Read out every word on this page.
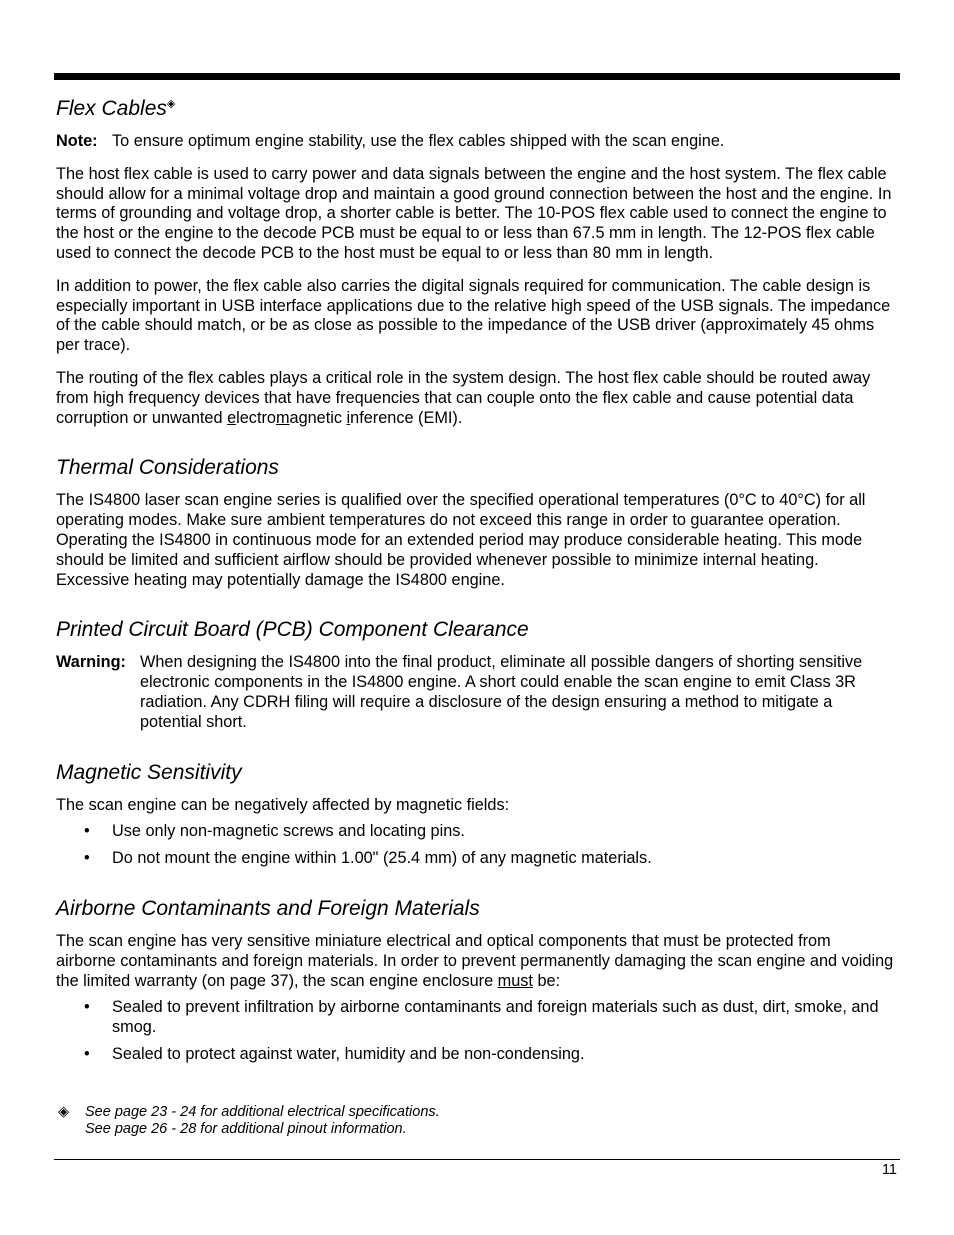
Flex Cables◈

Note: To ensure optimum engine stability, use the flex cables shipped with the scan engine.

The host flex cable is used to carry power and data signals between the engine and the host system. The flex cable should allow for a minimal voltage drop and maintain a good ground connection between the host and the engine. In terms of grounding and voltage drop, a shorter cable is better. The 10-POS flex cable used to connect the engine to the host or the engine to the decode PCB must be equal to or less than 67.5 mm in length. The 12-POS flex cable used to connect the decode PCB to the host must be equal to or less than 80 mm in length.

In addition to power, the flex cable also carries the digital signals required for communication. The cable design is especially important in USB interface applications due to the relative high speed of the USB signals. The impedance of the cable should match, or be as close as possible to the impedance of the USB driver (approximately 45 ohms per trace).

The routing of the flex cables plays a critical role in the system design. The host flex cable should be routed away from high frequency devices that have frequencies that can couple onto the flex cable and cause potential data corruption or unwanted electromagnetic inference (EMI).

Thermal Considerations

The IS4800 laser scan engine series is qualified over the specified operational temperatures (0°C to 40°C) for all operating modes. Make sure ambient temperatures do not exceed this range in order to guarantee operation. Operating the IS4800 in continuous mode for an extended period may produce considerable heating. This mode should be limited and sufficient airflow should be provided whenever possible to minimize internal heating. Excessive heating may potentially damage the IS4800 engine.

Printed Circuit Board (PCB) Component Clearance
Warning: When designing the IS4800 into the final product, eliminate all possible dangers of shorting sensitive electronic components in the IS4800 engine. A short could enable the scan engine to emit Class 3R radiation. Any CDRH filing will require a disclosure of the design ensuring a method to mitigate a potential short.
Magnetic Sensitivity

The scan engine can be negatively affected by magnetic fields:

• Use only non-magnetic screws and locating pins.
• Do not mount the engine within 1.00" (25.4 mm) of any magnetic materials.
Airborne Contaminants and Foreign Materials

The scan engine has very sensitive miniature electrical and optical components that must be protected from airborne contaminants and foreign materials. In order to prevent permanently damaging the scan engine and voiding the limited warranty (on page 37), the scan engine enclosure must be:

• Sealed to prevent infiltration by airborne contaminants and foreign materials such as dust, dirt, smoke, and smog.
• Sealed to protect against water, humidity and be non-condensing.
◈	See page 23 - 24 for additional electrical specifications.
See page 26 - 28 for additional pinout information.
11
